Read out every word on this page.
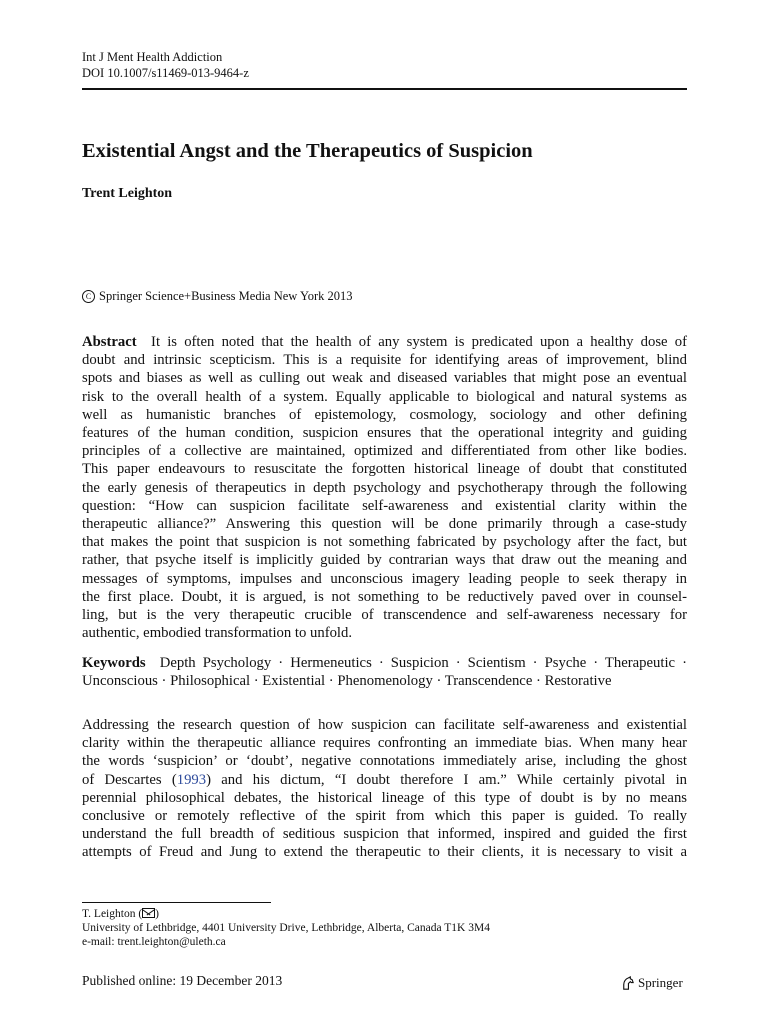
Int J Ment Health Addiction
DOI 10.1007/s11469-013-9464-z
Existential Angst and the Therapeutics of Suspicion
Trent Leighton
C Springer Science+Business Media New York 2013
Abstract It is often noted that the health of any system is predicated upon a healthy dose of
doubt and intrinsic scepticism. This is a requisite for identifying areas of improvement, blind
spots and biases as well as culling out weak and diseased variables that might pose an eventual
risk to the overall health of a system. Equally applicable to biological and natural systems as
well as humanistic branches of epistemology, cosmology, sociology and other defining
features of the human condition, suspicion ensures that the operational integrity and guiding
principles of a collective are maintained, optimized and differentiated from other like bodies.
This paper endeavours to resuscitate the forgotten historical lineage of doubt that constituted
the early genesis of therapeutics in depth psychology and psychotherapy through the following
question: “How can suspicion facilitate self-awareness and existential clarity within the
therapeutic alliance?” Answering this question will be done primarily through a case-study
that makes the point that suspicion is not something fabricated by psychology after the fact, but
rather, that psyche itself is implicitly guided by contrarian ways that draw out the meaning and
messages of symptoms, impulses and unconscious imagery leading people to seek therapy in
the first place. Doubt, it is argued, is not something to be reductively paved over in counsel-
ling, but is the very therapeutic crucible of transcendence and self-awareness necessary for
authentic, embodied transformation to unfold.
Keywords Depth Psychology · Hermeneutics · Suspicion · Scientism · Psyche · Therapeutic ·
Unconscious · Philosophical · Existential · Phenomenology · Transcendence · Restorative
Addressing the research question of how suspicion can facilitate self-awareness and existential
clarity within the therapeutic alliance requires confronting an immediate bias. When many hear
the words ‘suspicion’ or ‘doubt’, negative connotations immediately arise, including the ghost
of Descartes (1993) and his dictum, “I doubt therefore I am.” While certainly pivotal in
perennial philosophical debates, the historical lineage of this type of doubt is by no means
conclusive or remotely reflective of the spirit from which this paper is guided. To really
understand the full breadth of seditious suspicion that informed, inspired and guided the first
attempts of Freud and Jung to extend the therapeutic to their clients, it is necessary to visit a
T. Leighton ( )
University of Lethbridge, 4401 University Drive, Lethbridge, Alberta, Canada T1K 3M4
e-mail: trent.leighton@uleth.ca
Published online: 19 December 2013	Springer
